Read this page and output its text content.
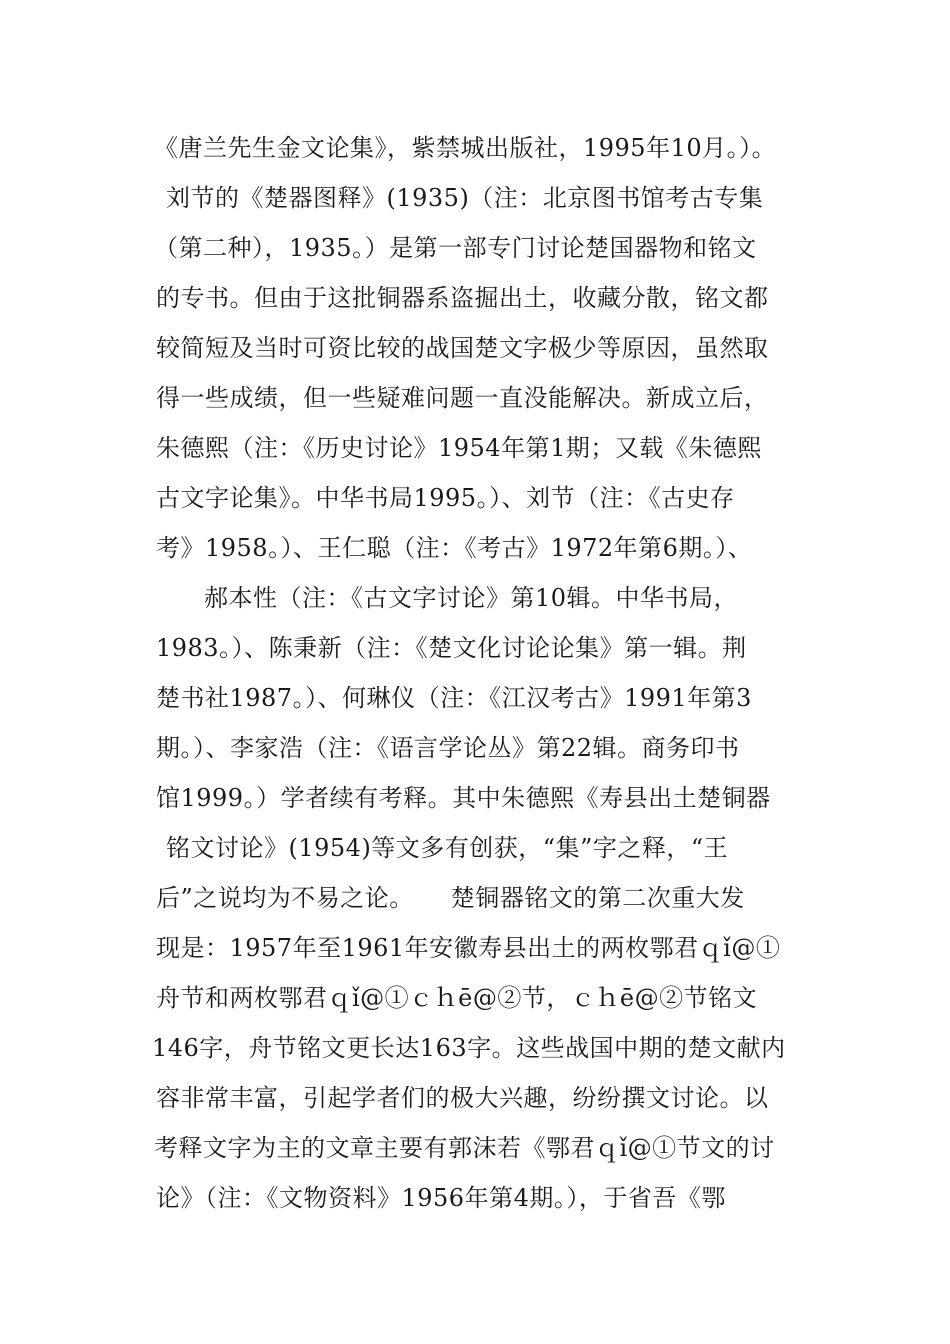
《唐兰先生金文论集》，紫禁城出版社，1995年10月。）。
刘节的《楚器图释》(1935)（注：北京图书馆考古专集
（第二种），1935。）是第一部专门讨论楚国器物和铭文
的专书。但由于这批铜器系盗掘出土，收藏分散，铭文都
较简短及当时可资比较的战国楚文字极少等原因，虽然取
得一些成绩，但一些疑难问题一直没能解决。新成立后，
朱德熙（注：《历史讨论》1954年第1期；又载《朱德熙
古文字论集》。中华书局1995。）、刘节（注：《古史存
考》1958。）、王仁聪（注：《考古》1972年第6期。）、
郝本性（注：《古文字讨论》第10辑。中华书局，
1983。）、陈秉新（注：《楚文化讨论论集》第一辑。荆
楚书社1987。）、何琳仪（注：《江汉考古》1991年第3
期。）、李家浩（注：《语言学论丛》第22辑。商务印书
馆1999。）学者续有考释。其中朱德熙《寿县出土楚铜器
铭文讨论》(1954)等文多有创获，“集”字之释，“王
后”之说均为不易之论。　　楚铜器铭文的第二次重大发
现是：1957年至1961年安徽寿县出土的两枚鄂君ｑǐ@①
舟节和两枚鄂君ｑǐ@①ｃｈē@②节，ｃｈē@②节铭文
146字，舟节铭文更长达163字。这些战国中期的楚文献内
容非常丰富，引起学者们的极大兴趣，纷纷撰文讨论。以
考释文字为主的文章主要有郭沫若《鄂君ｑǐ@①节文的讨
论》（注：《文物资料》1956年第4期。），于省吾《鄂
